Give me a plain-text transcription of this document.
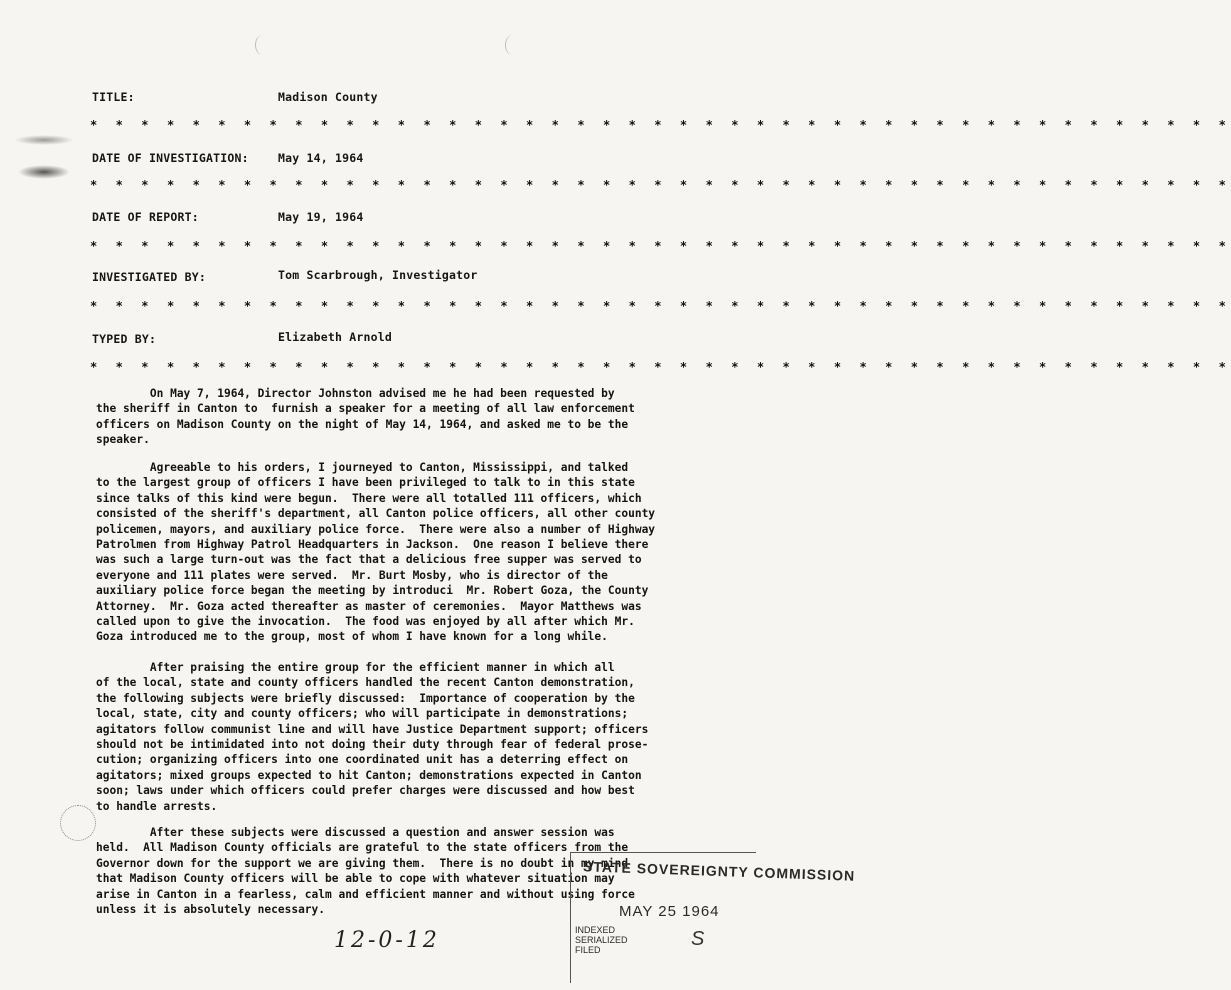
TITLE:	Madison County
* * * * * * * * * * * * * * * * * * * * * * * * * * * * * * * * * * * * * * * * * * * * *
DATE OF INVESTIGATION:	May 14, 1964
* * * * * * * * * * * * * * * * * * * * * * * * * * * * * * * * * * * * * * * * * * * * *
DATE OF REPORT:	May 19, 1964
* * * * * * * * * * * * * * * * * * * * * * * * * * * * * * * * * * * * * * * * * * * * *
INVESTIGATED BY:	Tom Scarbrough, Investigator
* * * * * * * * * * * * * * * * * * * * * * * * * * * * * * * * * * * * * * * * * * * * *
TYPED BY:	Elizabeth Arnold
* * * * * * * * * * * * * * * * * * * * * * * * * * * * * * * * * * * * * * * * * * * * *
On May 7, 1964, Director Johnston advised me he had been requested by
the sheriff in Canton to  furnish a speaker for a meeting of all law enforcement
officers on Madison County on the night of May 14, 1964, and asked me to be the
speaker.
Agreeable to his orders, I journeyed to Canton, Mississippi, and talked
to the largest group of officers I have been privileged to talk to in this state
since talks of this kind were begun.  There were all totalled 111 officers, which
consisted of the sheriff's department, all Canton police officers, all other county
policemen, mayors, and auxiliary police force.  There were also a number of Highway
Patrolmen from Highway Patrol Headquarters in Jackson.  One reason I believe there
was such a large turn-out was the fact that a delicious free supper was served to
everyone and 111 plates were served.  Mr. Burt Mosby, who is director of the
auxiliary police force began the meeting by introduci  Mr. Robert Goza, the County
Attorney.  Mr. Goza acted thereafter as master of ceremonies.  Mayor Matthews was
called upon to give the invocation.  The food was enjoyed by all after which Mr.
Goza introduced me to the group, most of whom I have known for a long while.
After praising the entire group for the efficient manner in which all
of the local, state and county officers handled the recent Canton demonstration,
the following subjects were briefly discussed:  Importance of cooperation by the
local, state, city and county officers; who will participate in demonstrations;
agitators follow communist line and will have Justice Department support; officers
should not be intimidated into not doing their duty through fear of federal prose-
cution; organizing officers into one coordinated unit has a deterring effect on
agitators; mixed groups expected to hit Canton; demonstrations expected in Canton
soon; laws under which officers could prefer charges were discussed and how best
to handle arrests.
After these subjects were discussed a question and answer session was
held.  All Madison County officials are grateful to the state officers from the
Governor down for the support we are giving them.  There is no doubt in my mind
that Madison County officers will be able to cope with whatever situation may
arise in Canton in a fearless, calm and efficient manner and without using force
unless it is absolutely necessary.
STATE SOVEREIGNTY COMMISSION
MAY 25 1964
INDEXED
SERIALIZED
FILED	S
12-0-12
